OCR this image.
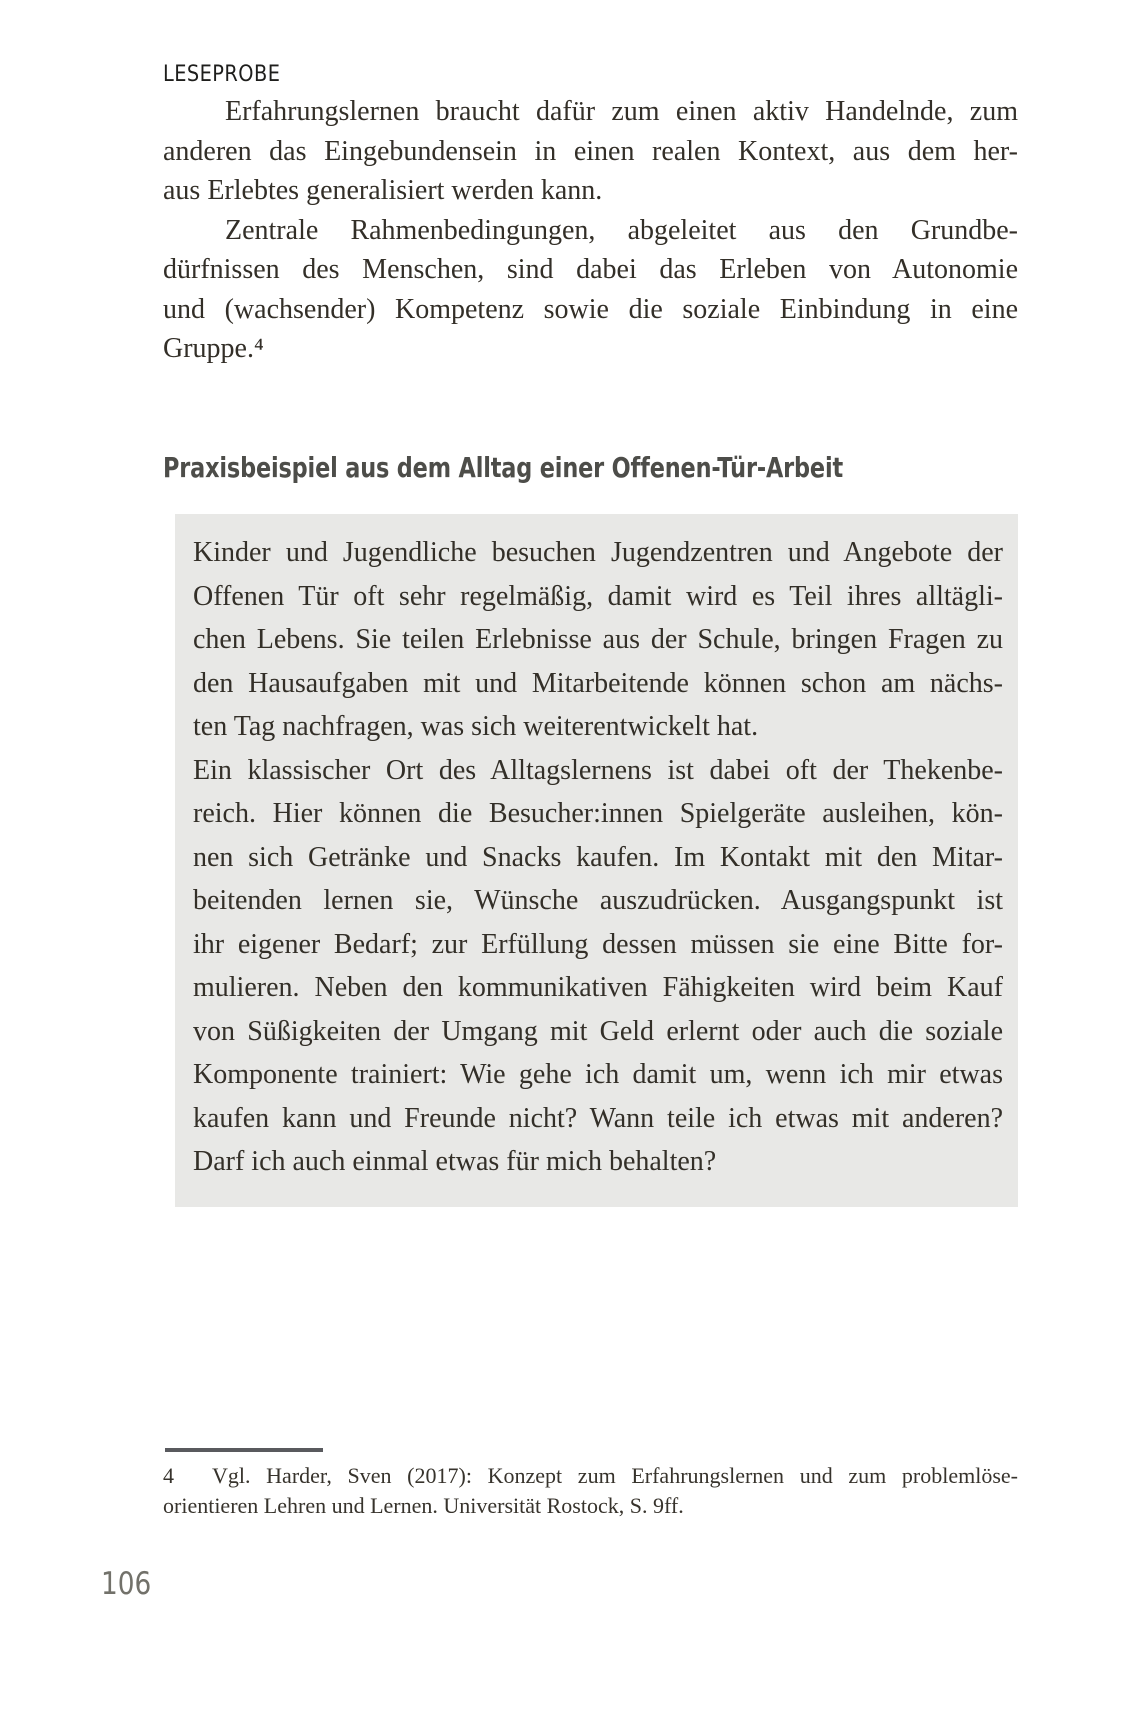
LESEPROBE
Erfahrungslernen braucht dafür zum einen aktiv Handelnde, zum
anderen das Eingebundensein in einen realen Kontext, aus dem her-
aus Erlebtes generalisiert werden kann.
Zentrale Rahmenbedingungen, abgeleitet aus den Grundbe-
dürfnissen des Menschen, sind dabei das Erleben von Autonomie
und (wachsender) Kompetenz sowie die soziale Einbindung in eine
Gruppe.⁴
Praxisbeispiel aus dem Alltag einer Offenen-Tür-Arbeit
Kinder und Jugendliche besuchen Jugendzentren und Angebote der
Offenen Tür oft sehr regelmäßig, damit wird es Teil ihres alltägli-
chen Lebens. Sie teilen Erlebnisse aus der Schule, bringen Fragen zu
den Hausaufgaben mit und Mitarbeitende können schon am nächs-
ten Tag nachfragen, was sich weiterentwickelt hat.
Ein klassischer Ort des Alltagslernens ist dabei oft der Thekenbe-
reich. Hier können die Besucher:innen Spielgeräte ausleihen, kön-
nen sich Getränke und Snacks kaufen. Im Kontakt mit den Mitar-
beitenden lernen sie, Wünsche auszudrücken. Ausgangspunkt ist
ihr eigener Bedarf; zur Erfüllung dessen müssen sie eine Bitte for-
mulieren. Neben den kommunikativen Fähigkeiten wird beim Kauf
von Süßigkeiten der Umgang mit Geld erlernt oder auch die soziale
Komponente trainiert: Wie gehe ich damit um, wenn ich mir etwas
kaufen kann und Freunde nicht? Wann teile ich etwas mit anderen?
Darf ich auch einmal etwas für mich behalten?
4 Vgl. Harder, Sven (2017): Konzept zum Erfahrungslernen und zum problemlöse-
orientieren Lehren und Lernen. Universität Rostock, S. 9ff.
106
